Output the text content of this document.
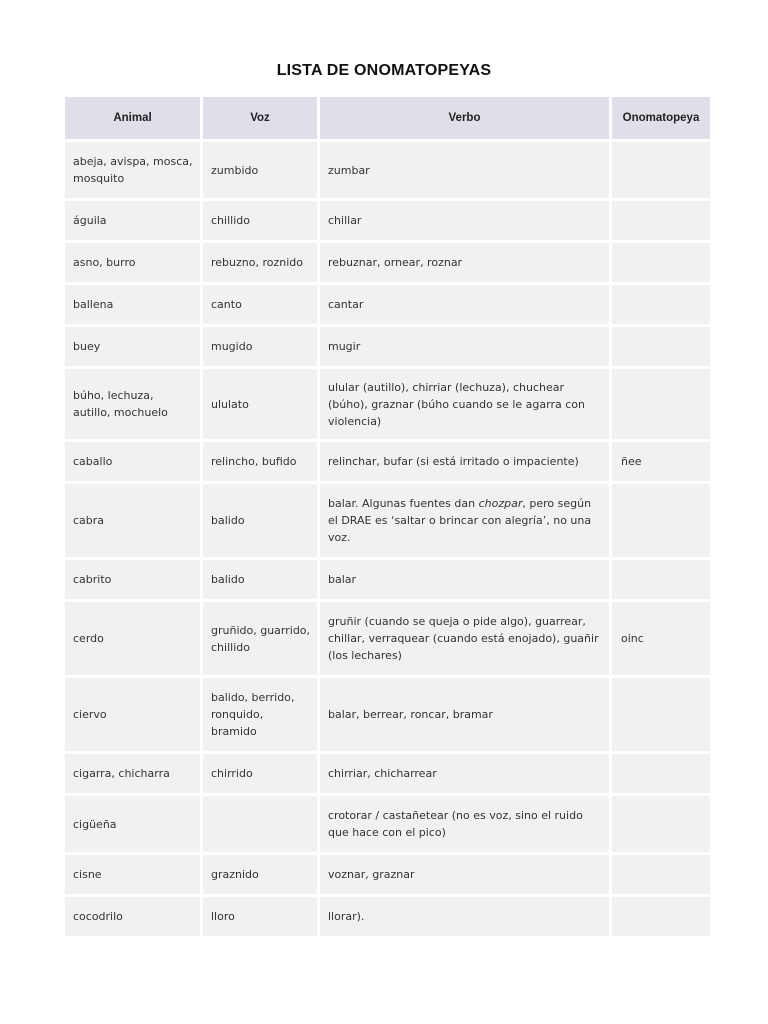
LISTA DE ONOMATOPEYAS
Animal	Voz	Verbo	Onomatopeya
abeja, avispa, mosca, mosquito	zumbido	zumbar	
águila	chillido	chillar	
asno, burro	rebuzno, roznido	rebuznar, ornear, roznar	
ballena	canto	cantar	
buey	mugido	mugir	
búho, lechuza, autillo, mochuelo	ululato	ulular (autillo), chirriar (lechuza), chuchear (búho), graznar (búho cuando se le agarra con violencia)	
caballo	relincho, bufido	relinchar, bufar (si está irritado o impaciente)	ñee
cabra	balido	balar. Algunas fuentes dan chozpar, pero según el DRAE es ‘saltar o brincar con alegría’, no una voz.	
cabrito	balido	balar	
cerdo	gruñido, guarrido, chillido	gruñir (cuando se queja o pide algo), guarrear, chillar, verraquear (cuando está enojado), guañir (los lechares)	oinc
ciervo	balido, berrido, ronquido, bramido	balar, berrear, roncar, bramar	
cigarra, chicharra	chirrido	chirriar, chicharrear	
cigüeña		crotorar / castañetear (no es voz, sino el ruido que hace con el pico)	
cisne	graznido	voznar, graznar	
cocodrilo	lloro	llorar).	
